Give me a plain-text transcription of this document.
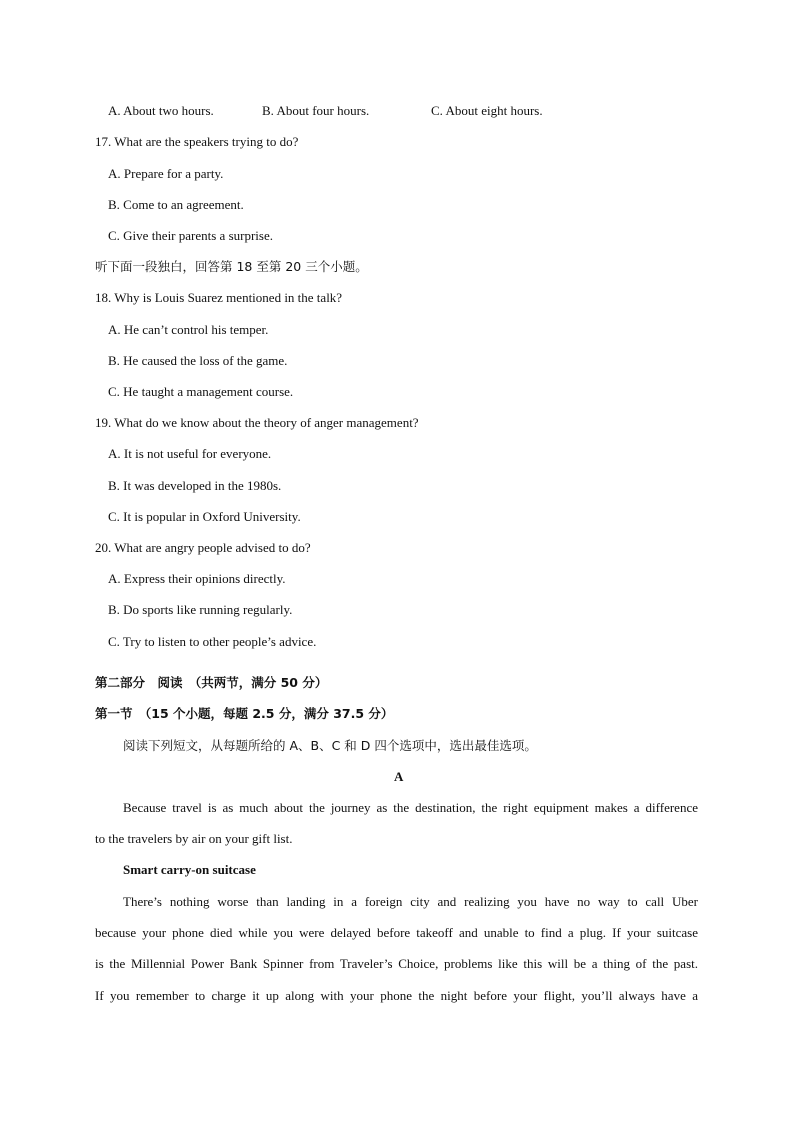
A. About two hours.	B. About four hours.	C. About eight hours.
17. What are the speakers trying to do?
A. Prepare for a party.
B. Come to an agreement.
C. Give their parents a surprise.
听下面一段独白，回答第 18 至第 20 三个小题。
18. Why is Louis Suarez mentioned in the talk?
A. He can’t control his temper.
B. He caused the loss of the game.
C. He taught a management course.
19. What do we know about the theory of anger management?
A. It is not useful for everyone.
B. It was developed in the 1980s.
C. It is popular in Oxford University.
20. What are angry people advised to do?
A. Express their opinions directly.
B. Do sports like running regularly.
C. Try to listen to other people’s advice.
第二部分　阅读　（共两节，满分 50 分）
第一节　（15 个小题，每题 2.5 分，满分 37.5 分）
阅读下列短文，从每题所给的 A、B、C 和 D 四个选项中，选出最佳选项。
A
Because travel is as much about the journey as the destination, the right equipment makes a difference
to the travelers by air on your gift list.
Smart carry-on suitcase
There’s nothing worse than landing in a foreign city and realizing you have no way to call Uber
because your phone died while you were delayed before takeoff and unable to find a plug. If your suitcase
is the Millennial Power Bank Spinner from Traveler’s Choice, problems like this will be a thing of the past.
If you remember to charge it up along with your phone the night before your flight, you’ll always have a
